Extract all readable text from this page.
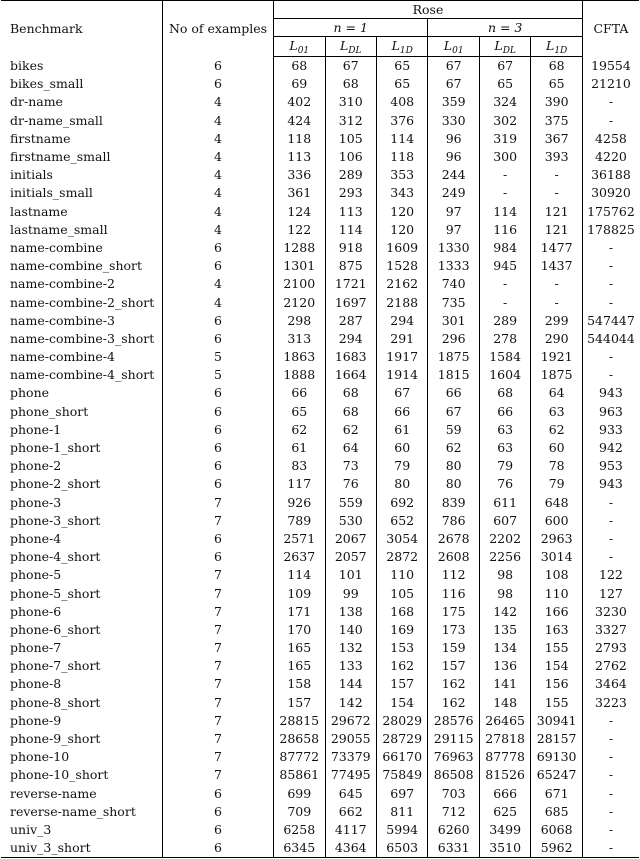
Benchmark	No of examples	Rose						CFTA
		n = 1			n = 3			
		$L_{01}$	$L_{DL}$	$L_{1D}$	$L_{01}$	$L_{DL}$	$L_{1D}$
bikes	6	68	67	65	67	67	68	19554
bikes_small	6	69	68	65	67	65	65	21210
dr-name	4	402	310	408	359	324	390	-
dr-name_small	4	424	312	376	330	302	375	-
firstname	4	118	105	114	96	319	367	4258
firstname_small	4	113	106	118	96	300	393	4220
initials	4	336	289	353	244	-	-	36188
initials_small	4	361	293	343	249	-	-	30920
lastname	4	124	113	120	97	114	121	175762
lastname_small	4	122	114	120	97	116	121	178825
name-combine	6	1288	918	1609	1330	984	1477	-
name-combine_short	6	1301	875	1528	1333	945	1437	-
name-combine-2	4	2100	1721	2162	740	-	-	-
name-combine-2_short	4	2120	1697	2188	735	-	-	-
name-combine-3	6	298	287	294	301	289	299	547447
name-combine-3_short	6	313	294	291	296	278	290	544044
name-combine-4	5	1863	1683	1917	1875	1584	1921	-
name-combine-4_short	5	1888	1664	1914	1815	1604	1875	-
phone	6	66	68	67	66	68	64	943
phone_short	6	65	68	66	67	66	63	963
phone-1	6	62	62	61	59	63	62	933
phone-1_short	6	61	64	60	62	63	60	942
phone-2	6	83	73	79	80	79	78	953
phone-2_short	6	117	76	80	80	76	79	943
phone-3	7	926	559	692	839	611	648	-
phone-3_short	7	789	530	652	786	607	600	-
phone-4	6	2571	2067	3054	2678	2202	2963	-
phone-4_short	6	2637	2057	2872	2608	2256	3014	-
phone-5	7	114	101	110	112	98	108	122
phone-5_short	7	109	99	105	116	98	110	127
phone-6	7	171	138	168	175	142	166	3230
phone-6_short	7	170	140	169	173	135	163	3327
phone-7	7	165	132	153	159	134	155	2793
phone-7_short	7	165	133	162	157	136	154	2762
phone-8	7	158	144	157	162	141	156	3464
phone-8_short	7	157	142	154	162	148	155	3223
phone-9	7	28815	29672	28029	28576	26465	30941	-
phone-9_short	7	28658	29055	28729	29115	27818	28157	-
phone-10	7	87772	73379	66170	76963	87778	69130	-
phone-10_short	7	85861	77495	75849	86508	81526	65247	-
reverse-name	6	699	645	697	703	666	671	-
reverse-name_short	6	709	662	811	712	625	685	-
univ_3	6	6258	4117	5994	6260	3499	6068	-
univ_3_short	6	6345	4364	6503	6331	3510	5962	-
